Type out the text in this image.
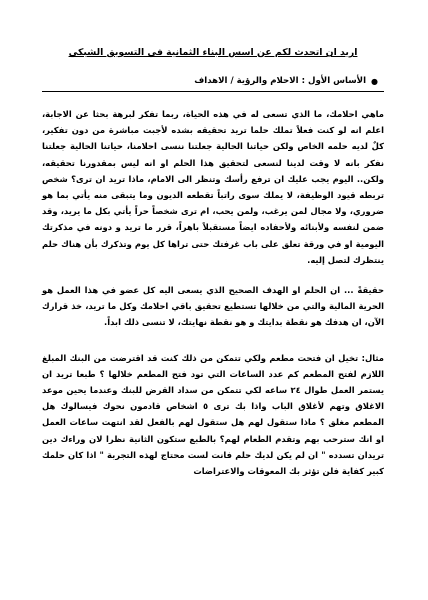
اريد ان اتحدث لكم عن اسس البناء الثمانية في التسويق الشبكي
●
الأساس الأول : الاحلام والرؤية / الاهداف

ماهي احلامك، ما الذي تسعى له في هذه الحياة، ربما تفكر لبرهة بحثا عن الاجابة، اعلم انه لو كنت فعلاً تملك حلما تريد تحقيقه بشده لأجبت مباشرة من دون تفكير، كلٌ لديه حلمه الخاص ولكن حياتنا الحالية جعلتنا ننسى احلامنا، حياتنا الحالية جعلتنا نفكر بانه لا وقت لدينا لنسعى لتحقيق هذا الحلم او انه ليس بمقدورنا تحقيقه، ولكن.. اليوم يجب عليك ان ترفع رأسك وتنظر الى الامام، ماذا تريد ان ترى؟ شخص تربطه قيود الوظيفة، لا يملك سوى راتباً تقطعه الديون وما يتبقى منه يأتي بما هو ضروري، ولا مجال لمن يرغب، ولمن يحب، ام ترى شخصاً حراً يأتي بكل ما يريد، وقد ضمن لنفسه ولأبنائه ولأحفاده ايضاً مستقبلاً باهراً، قرر ما تريد و دونه في مذكرتك اليومية او في ورقة تعلق على باب غرفتك حتى تراها كل يوم وتذكرك بأن هناك حلم ينتظرك لتصل إليه.

حقيقةً ... ان الحلم او الهدف الصحيح الذي يسعى اليه كل عضو في هذا العمل هو الحرية المالية والتي من خلالها تستطيع تحقيق باقي احلامك وكل ما تريد، خذ قرارك الآن، ان هدفك هو نقطة بدايتك و هو نقطة نهايتك، لا تنسى ذلك ابداً.

مثال: تخيل ان فتحت مطعم ولكي تتمكن من ذلك كنت قد اقترضت من البنك المبلغ اللازم لفتح المطعم كم عدد الساعات التي تود فتح المطعم خلالها ؟ طبعا تريد ان يستمر العمل طوال ٢٤ ساعه لكي تتمكن من سداد القرض للبنك وعندما يحين موعد الاغلاق وتهم لأغلاق الباب واذا بك ترى ٥ اشخاص قادمون نحوك فيسالوك هل المطعم مغلق ؟ ماذا ستقول لهم هل ستقول لهم بالفعل لقد انتهت ساعات العمل او انك سترحب بهم وتقدم الطعام لهم؟ بالطبع ستكون الثانية نظرا لان وراءك دين تريدان تسدده " ان لم يكن لديك حلم فانت لست محتاج لهذه التجربة " اذا كان حلمك كبير كفاية فلن تؤثر بك المعوقات والاعتراضات
